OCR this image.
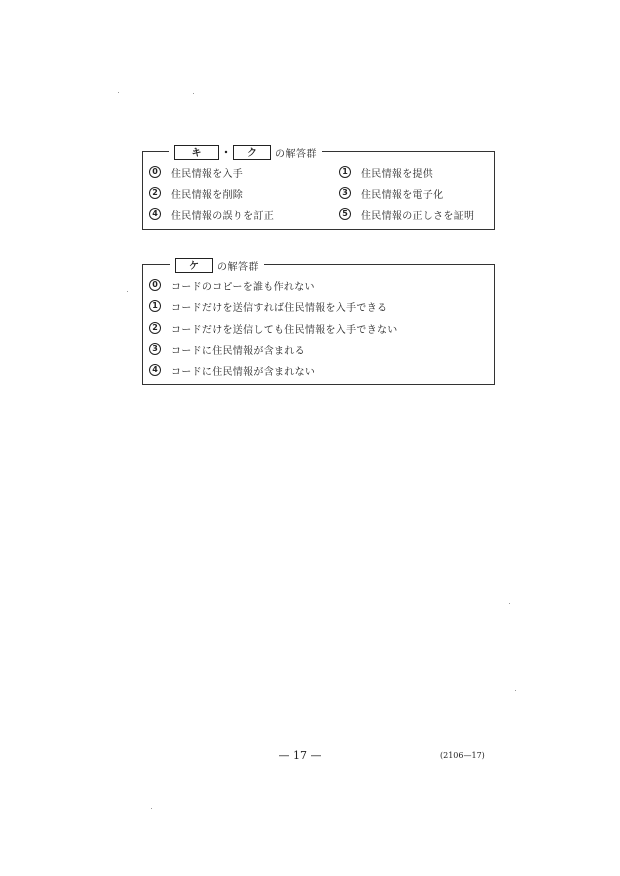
キ	・	ク	の解答群
0	住民情報を入手	1	住民情報を提供
2	住民情報を削除	3	住民情報を電子化
4	住民情報の誤りを訂正	5	住民情報の正しさを証明
ケ	の解答群
0	コードのコピーを誰も作れない
1	コードだけを送信すれば住民情報を入手できる
2	コードだけを送信しても住民情報を入手できない
3	コードに住民情報が含まれる
4	コードに住民情報が含まれない
— 17 —	(2106—17)
